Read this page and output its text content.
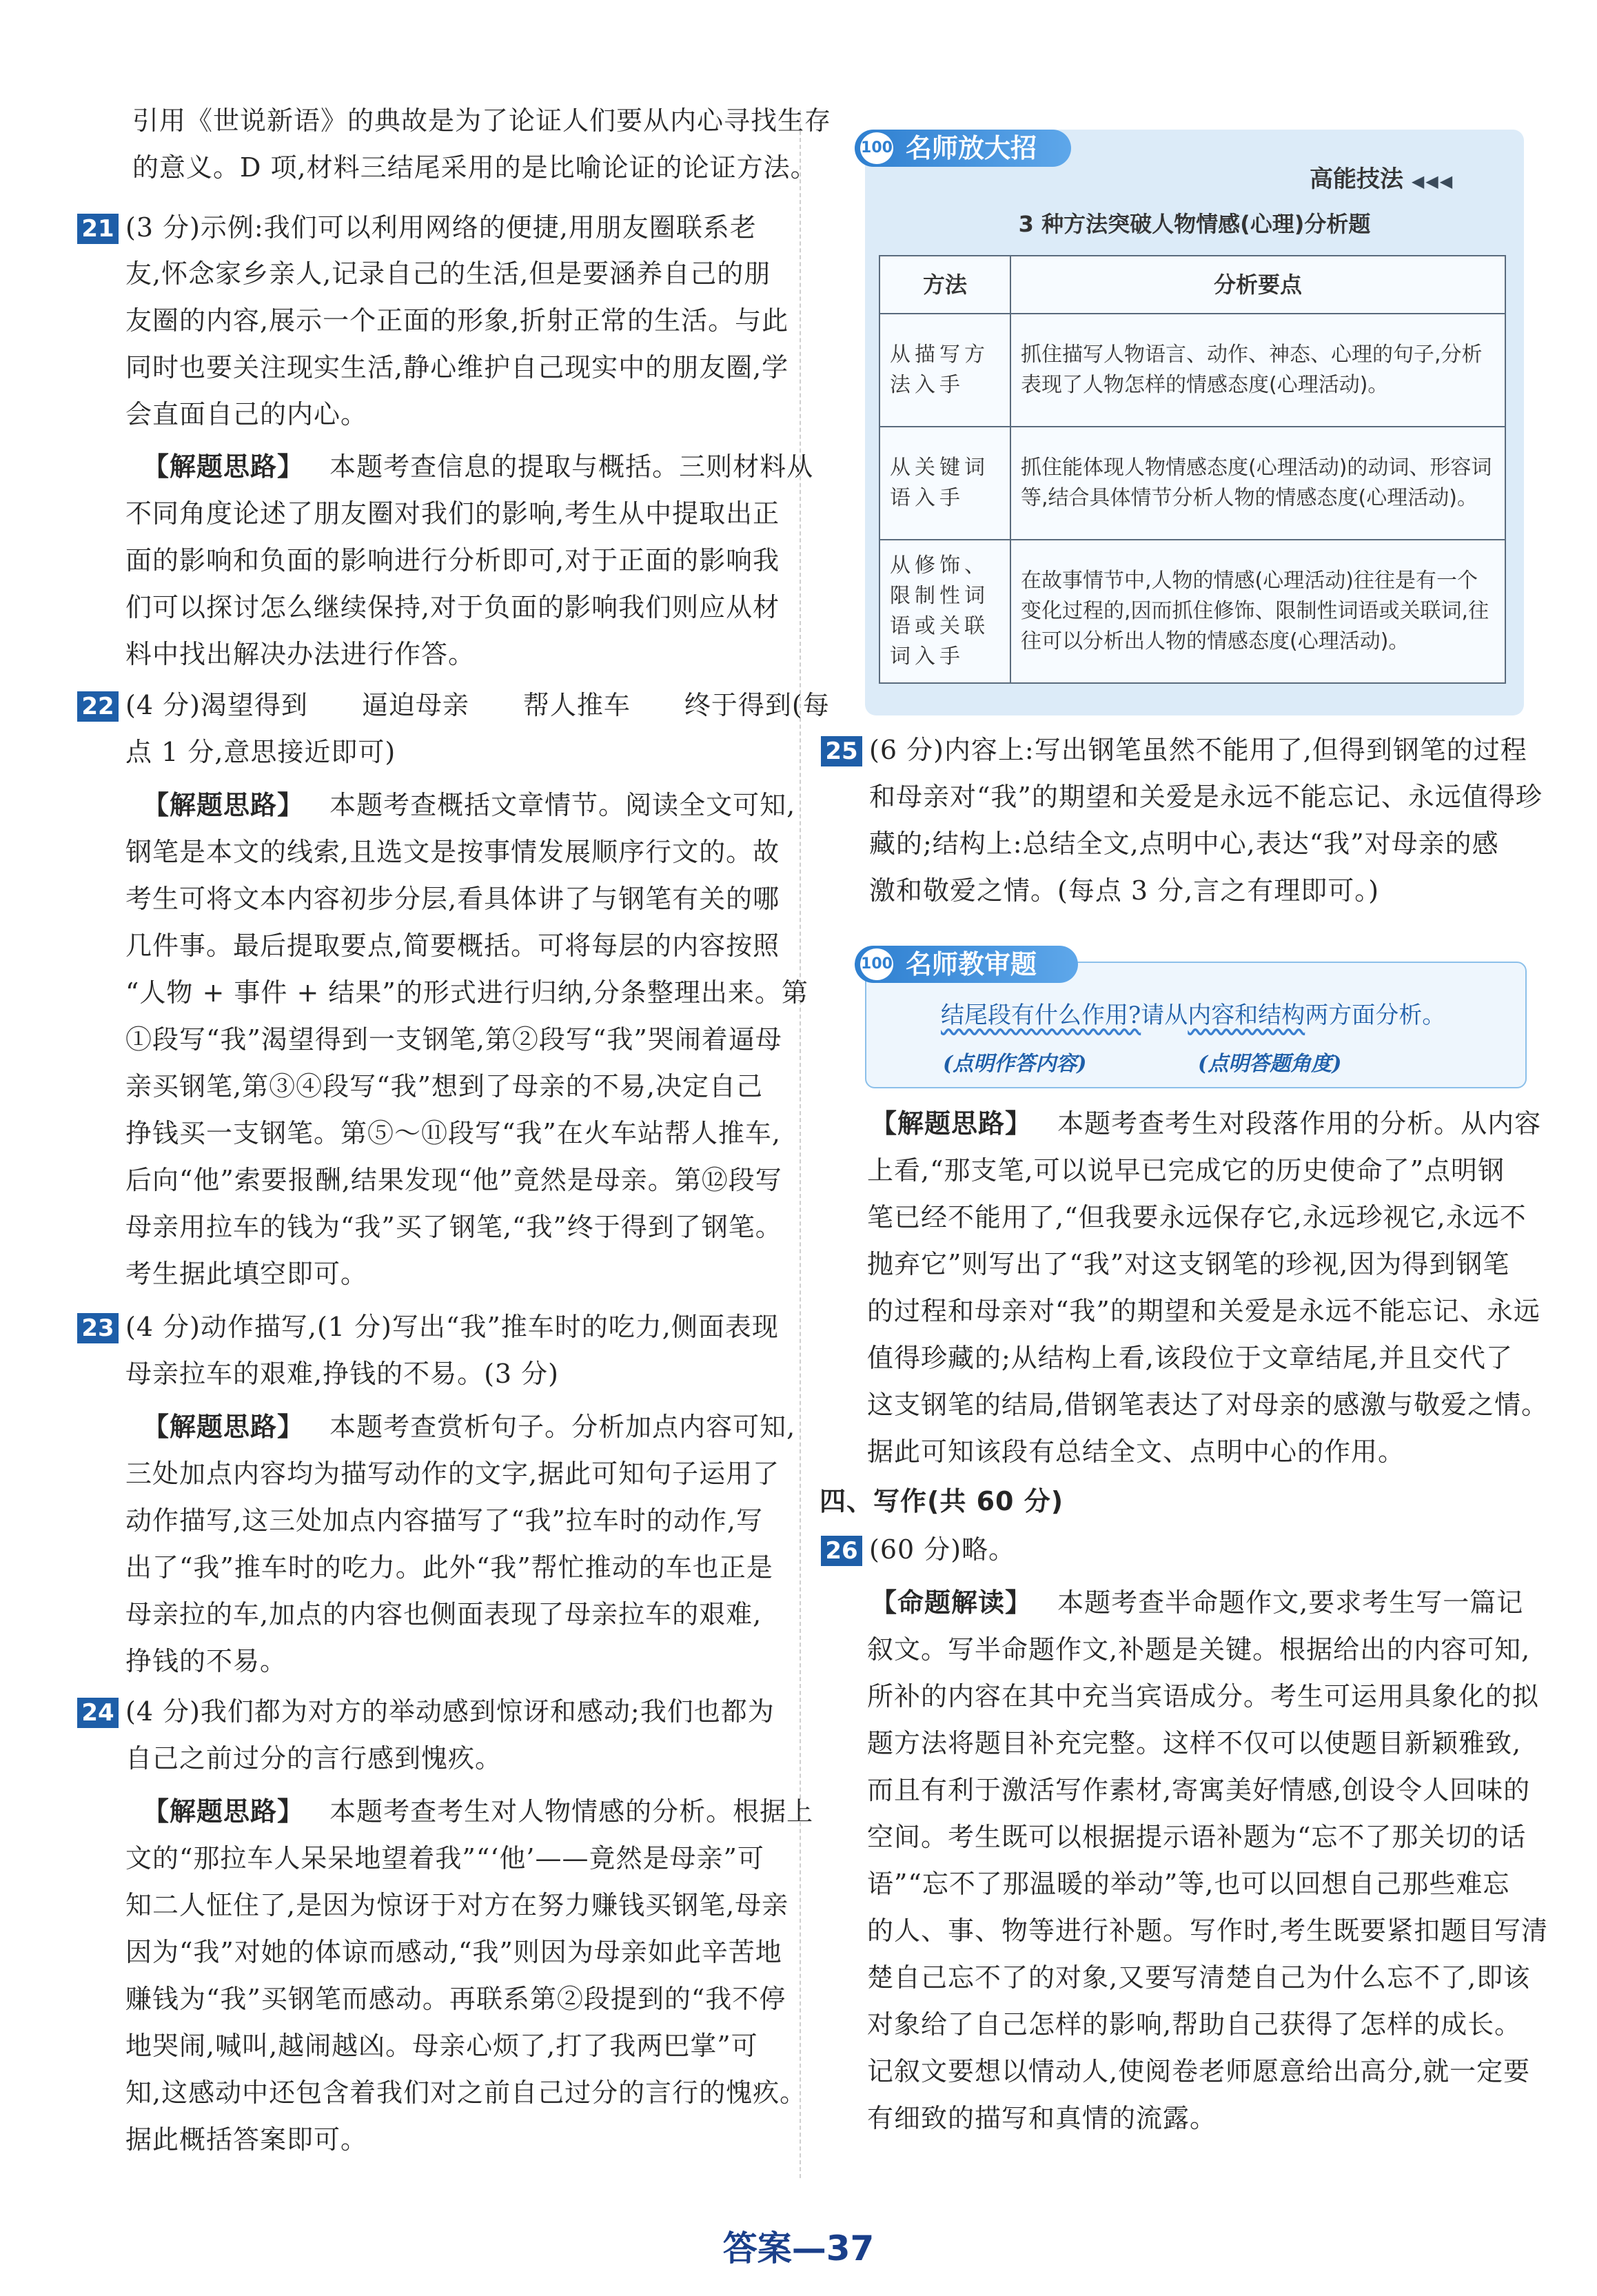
引用《世说新语》的典故是为了论证人们要从内心寻找生存
的意义。D 项,材料三结尾采用的是比喻论证的论证方法。
21 (3 分)示例:我们可以利用网络的便捷,用朋友圈联系老
友,怀念家乡亲人,记录自己的生活,但是要涵养自己的朋
友圈的内容,展示一个正面的形象,折射正常的生活。与此
同时也要关注现实生活,静心维护自己现实中的朋友圈,学
会直面自己的内心。
【解题思路】 本题考查信息的提取与概括。三则材料从
不同角度论述了朋友圈对我们的影响,考生从中提取出正
面的影响和负面的影响进行分析即可,对于正面的影响我
们可以探讨怎么继续保持,对于负面的影响我们则应从材
料中找出解决办法进行作答。
22 (4 分)渴望得到　　逼迫母亲　　帮人推车　　终于得到(每
点 1 分,意思接近即可)
【解题思路】 本题考查概括文章情节。阅读全文可知,
钢笔是本文的线索,且选文是按事情发展顺序行文的。故
考生可将文本内容初步分层,看具体讲了与钢笔有关的哪
几件事。最后提取要点,简要概括。可将每层的内容按照
“人物 + 事件 + 结果”的形式进行归纳,分条整理出来。第
①段写“我”渴望得到一支钢笔,第②段写“我”哭闹着逼母
亲买钢笔,第③④段写“我”想到了母亲的不易,决定自己
挣钱买一支钢笔。第⑤～⑪段写“我”在火车站帮人推车,
后向“他”索要报酬,结果发现“他”竟然是母亲。第⑫段写
母亲用拉车的钱为“我”买了钢笔,“我”终于得到了钢笔。
考生据此填空即可。
23 (4 分)动作描写,(1 分)写出“我”推车时的吃力,侧面表现
母亲拉车的艰难,挣钱的不易。(3 分)
【解题思路】 本题考查赏析句子。分析加点内容可知,
三处加点内容均为描写动作的文字,据此可知句子运用了
动作描写,这三处加点内容描写了“我”拉车时的动作,写
出了“我”推车时的吃力。此外“我”帮忙推动的车也正是
母亲拉的车,加点的内容也侧面表现了母亲拉车的艰难,
挣钱的不易。
24 (4 分)我们都为对方的举动感到惊讶和感动;我们也都为
自己之前过分的言行感到愧疚。
【解题思路】 本题考查考生对人物情感的分析。根据上
文的“那拉车人呆呆地望着我”“‘他’——竟然是母亲”可
知二人怔住了,是因为惊讶于对方在努力赚钱买钢笔,母亲
因为“我”对她的体谅而感动,“我”则因为母亲如此辛苦地
赚钱为“我”买钢笔而感动。再联系第②段提到的“我不停
地哭闹,喊叫,越闹越凶。母亲心烦了,打了我两巴掌”可
知,这感动中还包含着我们对之前自己过分的言行的愧疚。
据此概括答案即可。
100 名师放大招
高能技法 ◀◀◀
3 种方法突破人物情感(心理)分析题
方法	分析要点
从描写方法入手	抓住描写人物语言、动作、神态、心理的句子,分析表现了人物怎样的情感态度(心理活动)。
从关键词语入手	抓住能体现人物情感态度(心理活动)的动词、形容词等,结合具体情节分析人物的情感态度(心理活动)。
从修饰、限制性词语或关联词入手	在故事情节中,人物的情感(心理活动)往往是有一个变化过程的,因而抓住修饰、限制性词语或关联词,往往可以分析出人物的情感态度(心理活动)。
25 (6 分)内容上:写出钢笔虽然不能用了,但得到钢笔的过程
和母亲对“我”的期望和关爱是永远不能忘记、永远值得珍
藏的;结构上:总结全文,点明中心,表达“我”对母亲的感
激和敬爱之情。(每点 3 分,言之有理即可。)
100 名师教审题
结尾段有什么作用?请从内容和结构两方面分析。
(点明作答内容)	(点明答题角度)
【解题思路】 本题考查考生对段落作用的分析。从内容
上看,“那支笔,可以说早已完成它的历史使命了”点明钢
笔已经不能用了,“但我要永远保存它,永远珍视它,永远不
抛弃它”则写出了“我”对这支钢笔的珍视,因为得到钢笔
的过程和母亲对“我”的期望和关爱是永远不能忘记、永远
值得珍藏的;从结构上看,该段位于文章结尾,并且交代了
这支钢笔的结局,借钢笔表达了对母亲的感激与敬爱之情。
据此可知该段有总结全文、点明中心的作用。
四、写作(共 60 分)
26 (60 分)略。
【命题解读】 本题考查半命题作文,要求考生写一篇记
叙文。写半命题作文,补题是关键。根据给出的内容可知,
所补的内容在其中充当宾语成分。考生可运用具象化的拟
题方法将题目补充完整。这样不仅可以使题目新颖雅致,
而且有利于激活写作素材,寄寓美好情感,创设令人回味的
空间。考生既可以根据提示语补题为“忘不了那关切的话
语”“忘不了那温暖的举动”等,也可以回想自己那些难忘
的人、事、物等进行补题。写作时,考生既要紧扣题目写清
楚自己忘不了的对象,又要写清楚自己为什么忘不了,即该
对象给了自己怎样的影响,帮助自己获得了怎样的成长。
记叙文要想以情动人,使阅卷老师愿意给出高分,就一定要
有细致的描写和真情的流露。
答案—37
